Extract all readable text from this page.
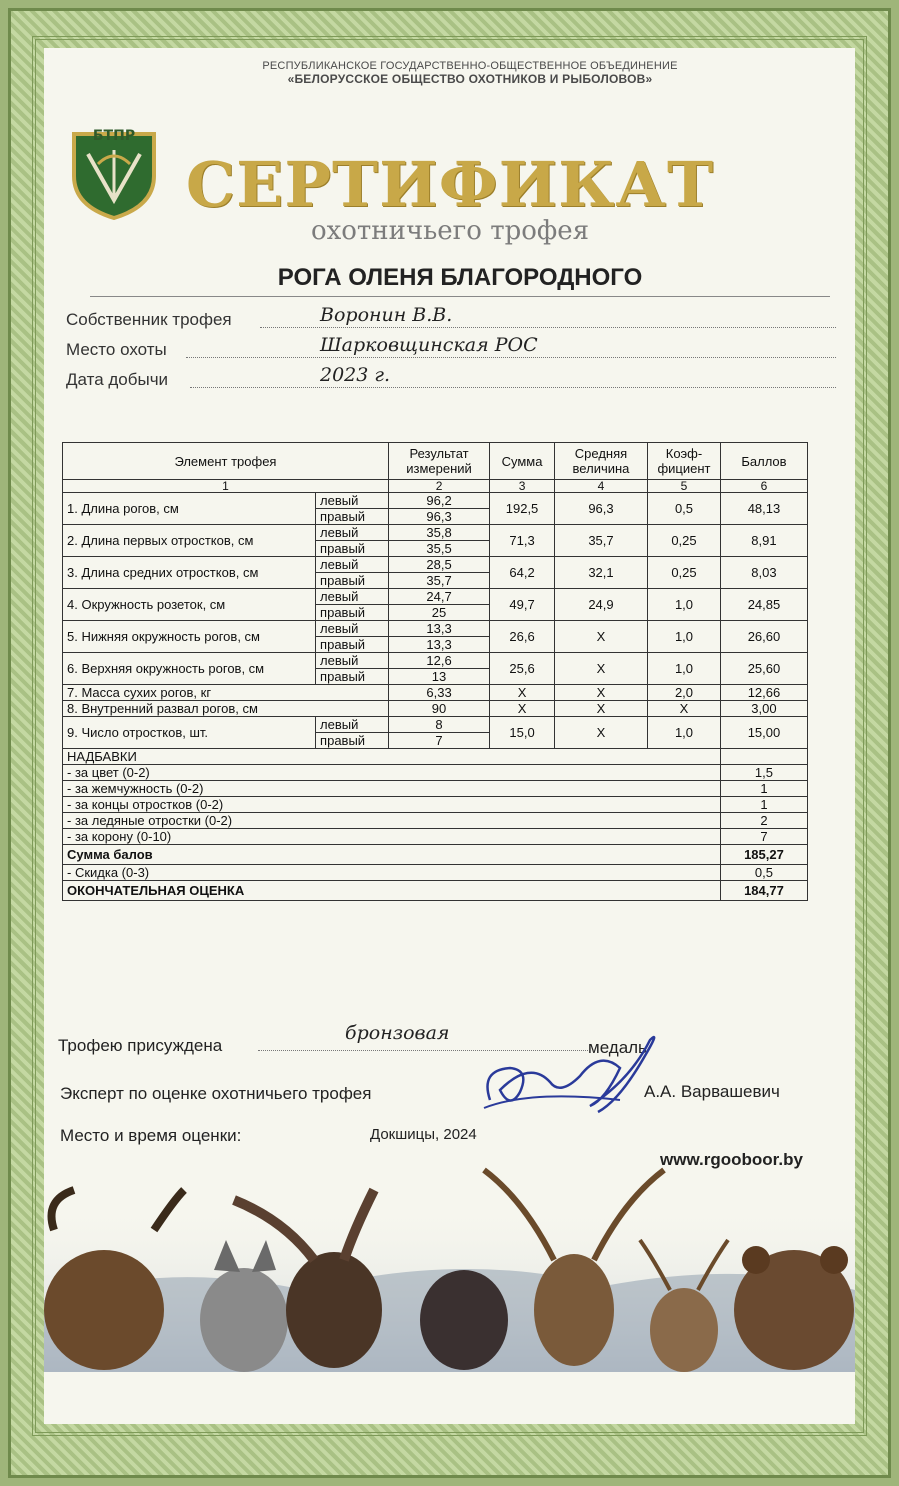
РЕСПУБЛИКАНСКОЕ ГОСУДАРСТВЕННО-ОБЩЕСТВЕННОЕ ОБЪЕДИНЕНИЕ
«БЕЛОРУССКОЕ ОБЩЕСТВО ОХОТНИКОВ И РЫБОЛОВОВ»
БТПР
СЕРТИФИКАТ
охотничьего трофея
РОГА ОЛЕНЯ БЛАГОРОДНОГО
Собственник трофея	Воронин В.В.
Место охоты	Шарковщинская РОС
Дата добычи	2023 г.
Элемент трофея		Результат измерений	Сумма	Средняя величина	Коэф-фициент	Баллов
1		2	3	4	5	6
1. Длина рогов, см	левый	96,2	192,5	96,3	0,5	48,13
	правый	96,3				
2. Длина первых отростков, см	левый	35,8	71,3	35,7	0,25	8,91
	правый	35,5				
3. Длина средних отростков, см	левый	28,5	64,2	32,1	0,25	8,03
	правый	35,7				
4. Окружность розеток, см	левый	24,7	49,7	24,9	1,0	24,85
	правый	25				
5. Нижняя окружность рогов, см	левый	13,3	26,6	Х	1,0	26,60
	правый	13,3				
6. Верхняя окружность рогов, см	левый	12,6	25,6	Х	1,0	25,60
	правый	13				
7. Масса сухих рогов, кг		6,33	Х	Х	2,0	12,66
8. Внутренний развал рогов, см		90	Х	Х	Х	3,00
9. Число отростков, шт.	левый	8	15,0	Х	1,0	15,00
	правый	7				
НАДБАВКИ						
- за цвет (0-2)						1,5
- за жемчужность (0-2)						1
- за концы отростков (0-2)						1
- за ледяные отростки (0-2)						2
- за корону (0-10)						7
Сумма балов						185,27
- Скидка (0-3)						0,5
ОКОНЧАТЕЛЬНАЯ ОЦЕНКА						184,77
Трофею присуждена
бронзовая
медаль
Эксперт по оценке охотничьего трофея	А.А. Варвашевич
Место и время оценки:	Докшицы, 2024
www.rgooboor.by
